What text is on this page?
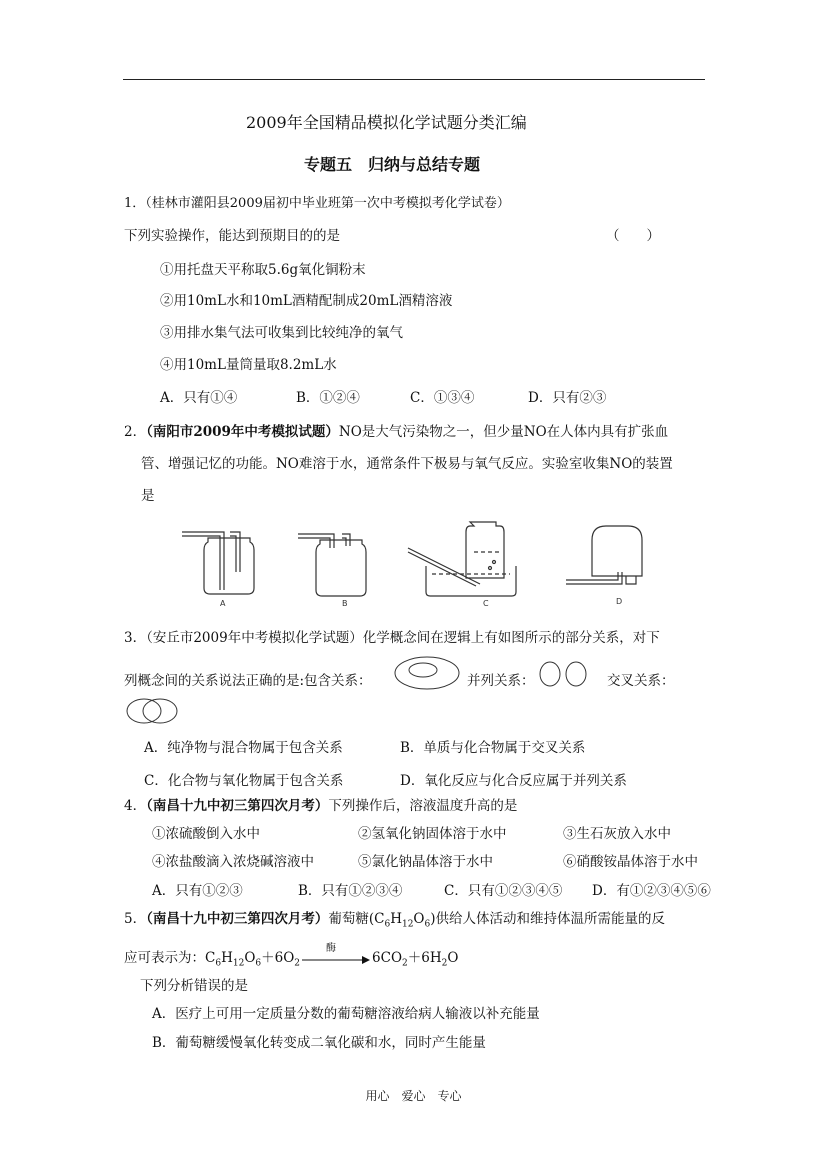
2009年全国精品模拟化学试题分类汇编
专题五　归纳与总结专题
1．（桂林市灌阳县2009届初中毕业班第一次中考模拟考化学试卷）
下列实验操作，能达到预期目的的是	（　　）
①用托盘天平称取5.6g氧化铜粉末
②用10mL水和10mL酒精配制成20mL酒精溶液
③用排水集气法可收集到比较纯净的氧气
④用10mL量筒量取8.2mL水
A．只有①④	B．①②④	C．①③④	D．只有②③
2．（南阳市2009年中考模拟试题）NO是大气污染物之一，但少量NO在人体内具有扩张血
管、增强记忆的功能。NO难溶于水，通常条件下极易与氧气反应。实验室收集NO的装置
是
A	B	C	D
3．（安丘市2009年中考模拟化学试题）化学概念间在逻辑上有如图所示的部分关系，对下
列概念间的关系说法正确的是:包含关系：	并列关系：	交叉关系：
A．纯净物与混合物属于包含关系	B．单质与化合物属于交叉关系
C．化合物与氧化物属于包含关系	D．氧化反应与化合反应属于并列关系
4．（南昌十九中初三第四次月考）下列操作后，溶液温度升高的是
①浓硫酸倒入水中	②氢氧化钠固体溶于水中	③生石灰放入水中
④浓盐酸滴入浓烧碱溶液中	⑤氯化钠晶体溶于水中	⑥硝酸铵晶体溶于水中
A．只有①②③	B．只有①②③④	C．只有①②③④⑤ D．有①②③④⑤⑥
5．（南昌十九中初三第四次月考）葡萄糖$(C_6H_{12}O_6)$供给人体活动和维持体温所需能量的反
应可表示为：$C_6H_{12}O_6+6O_2$
酶
$6CO_2+6H_2O$
下列分析错误的是
A．医疗上可用一定质量分数的葡萄糖溶液给病人输液以补充能量
B．葡萄糖缓慢氧化转变成二氧化碳和水，同时产生能量
用心　爱心　专心
